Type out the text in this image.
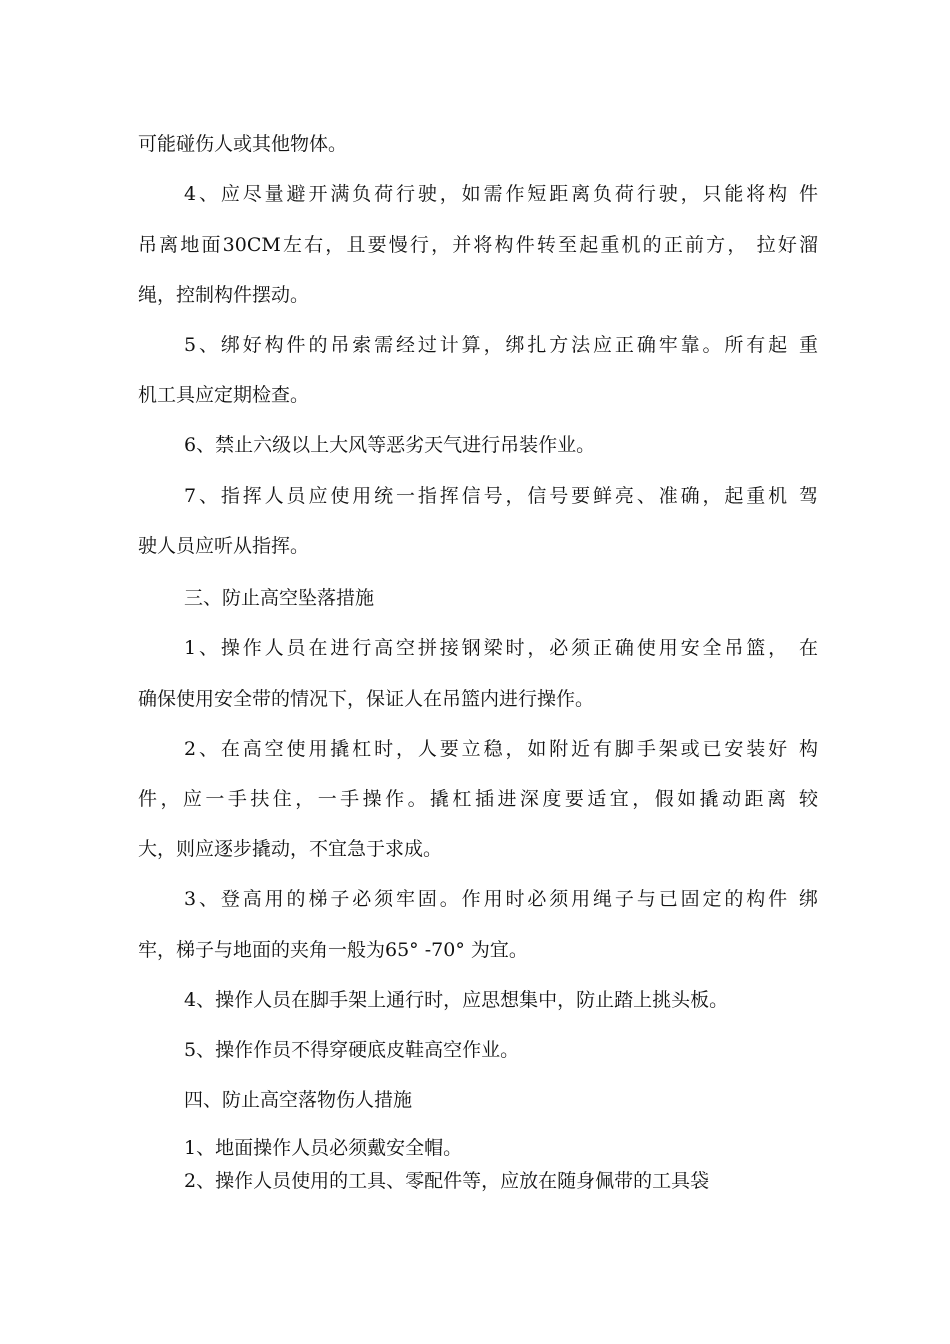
可能碰伤人或其他物体。
4、应尽量避开满负荷行驶，如需作短距离负荷行驶，只能将构 件
吊离地面30CM左右，且要慢行，并将构件转至起重机的正前方， 拉好溜
绳，控制构件摆动。
5、绑好构件的吊索需经过计算，绑扎方法应正确牢靠。所有起 重
机工具应定期检查。
6、禁止六级以上大风等恶劣天气进行吊装作业。
7、指挥人员应使用统一指挥信号，信号要鲜亮、准确，起重机 驾
驶人员应听从指挥。
三、防止高空坠落措施
1、操作人员在进行高空拼接钢梁时，必须正确使用安全吊篮， 在
确保使用安全带的情况下，保证人在吊篮内进行操作。
2、在高空使用撬杠时，人要立稳，如附近有脚手架或已安装好 构
件，应一手扶住，一手操作。撬杠插进深度要适宜，假如撬动距离 较
大，则应逐步撬动，不宜急于求成。
3、登高用的梯子必须牢固。作用时必须用绳子与已固定的构件 绑
牢，梯子与地面的夹角一般为65° -70° 为宜。
4、操作人员在脚手架上通行时，应思想集中，防止踏上挑头板。
5、操作作员不得穿硬底皮鞋高空作业。
四、防止高空落物伤人措施
1、地面操作人员必须戴安全帽。
2、操作人员使用的工具、零配件等，应放在随身佩带的工具袋
